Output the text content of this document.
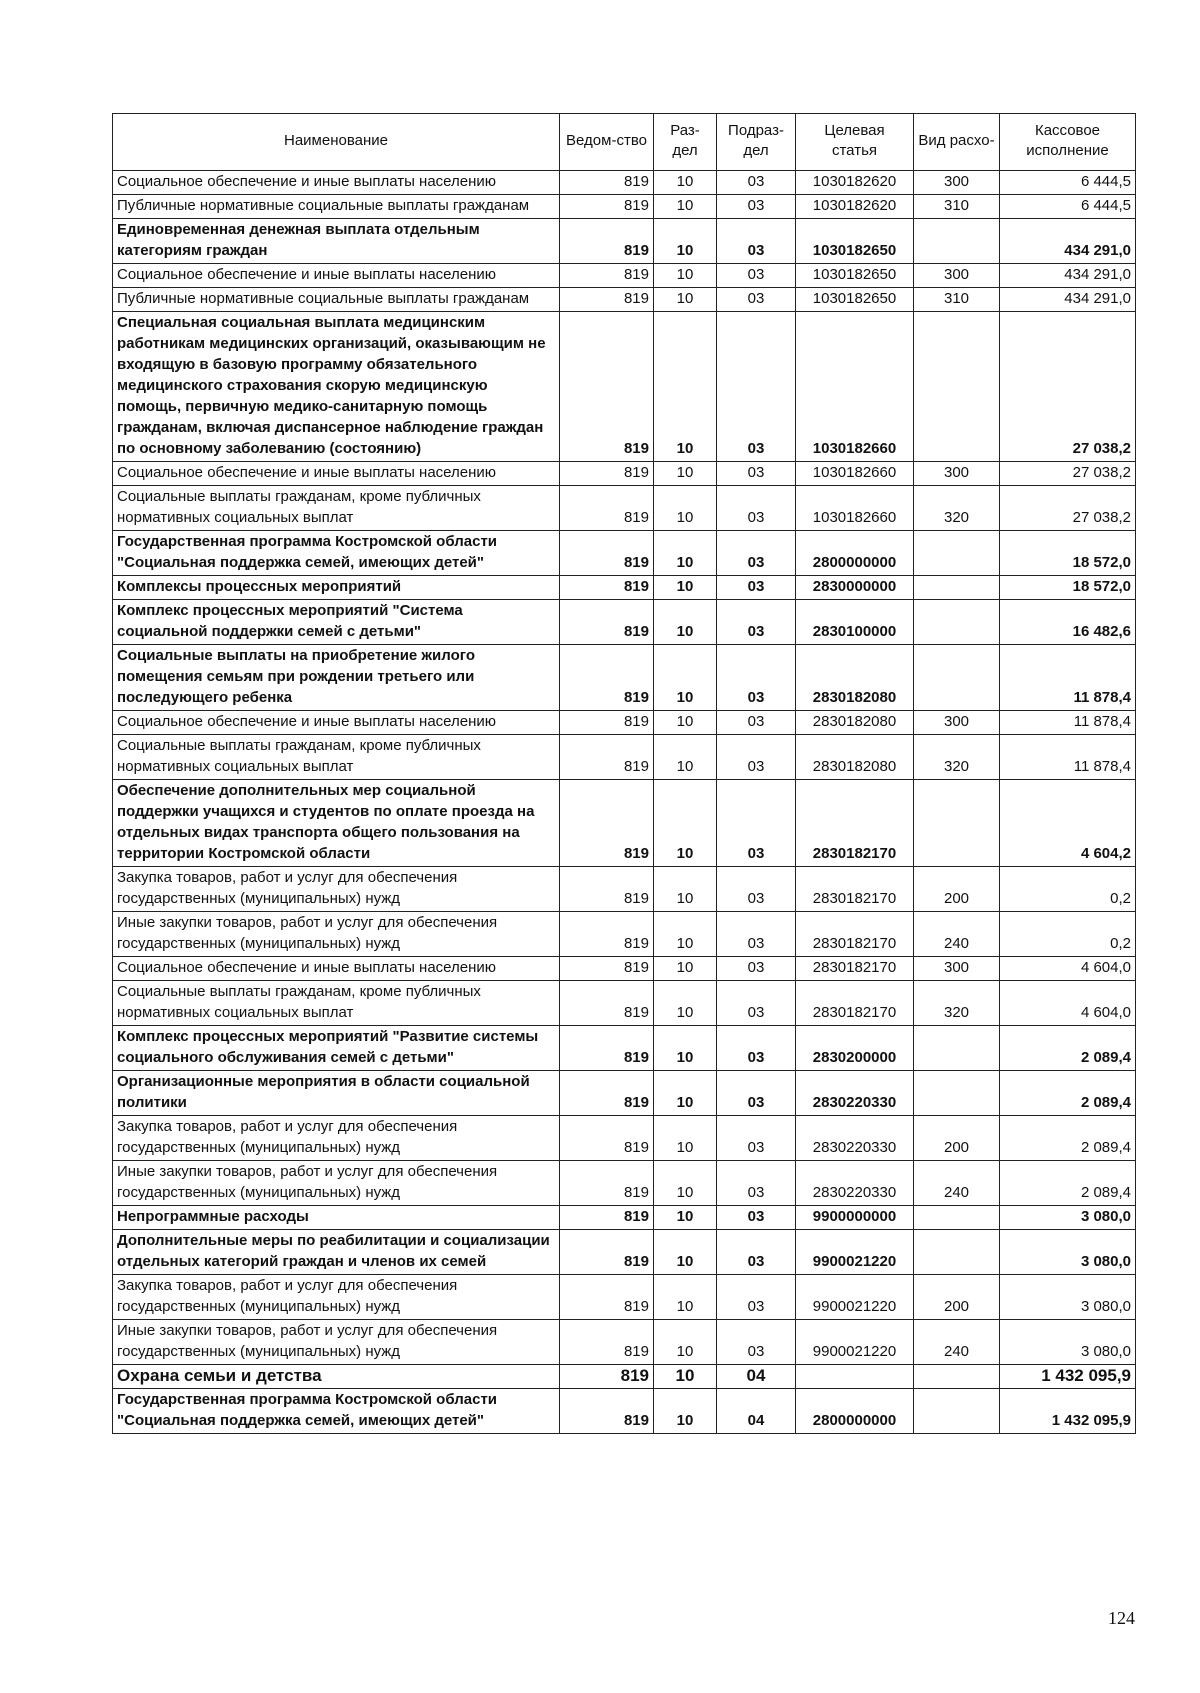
Наименование	Ведом-ство	Раз-дел	Подраз-дел	Целевая статья	Вид расхо-	Кассовое исполнение
Социальное обеспечение и иные выплаты населению	819	10	03	1030182620	300	6 444,5
Публичные нормативные социальные выплаты гражданам	819	10	03	1030182620	310	6 444,5
Единовременная денежная выплата отдельным категориям граждан	819	10	03	1030182650		434 291,0
Социальное обеспечение и иные выплаты населению	819	10	03	1030182650	300	434 291,0
Публичные нормативные социальные выплаты гражданам	819	10	03	1030182650	310	434 291,0
Специальная социальная выплата медицинским работникам медицинских организаций, оказывающим не входящую в базовую программу обязательного медицинского страхования скорую медицинскую помощь, первичную медико-санитарную помощь гражданам, включая диспансерное наблюдение граждан по основному заболеванию (состоянию)	819	10	03	1030182660		27 038,2
Социальное обеспечение и иные выплаты населению	819	10	03	1030182660	300	27 038,2
Социальные выплаты гражданам, кроме публичных нормативных социальных выплат	819	10	03	1030182660	320	27 038,2
Государственная программа Костромской области "Социальная поддержка семей, имеющих детей"	819	10	03	2800000000		18 572,0
Комплексы процессных мероприятий	819	10	03	2830000000		18 572,0
Комплекс процессных мероприятий "Система социальной поддержки семей с детьми"	819	10	03	2830100000		16 482,6
Социальные выплаты на приобретение жилого помещения семьям при рождении третьего или последующего ребенка	819	10	03	2830182080		11 878,4
Социальное обеспечение и иные выплаты населению	819	10	03	2830182080	300	11 878,4
Социальные выплаты гражданам, кроме публичных нормативных социальных выплат	819	10	03	2830182080	320	11 878,4
Обеспечение дополнительных мер социальной поддержки учащихся и студентов по оплате проезда на отдельных видах транспорта общего пользования на территории Костромской области	819	10	03	2830182170		4 604,2
Закупка товаров, работ и услуг для обеспечения государственных (муниципальных) нужд	819	10	03	2830182170	200	0,2
Иные закупки товаров, работ и услуг для обеспечения государственных (муниципальных) нужд	819	10	03	2830182170	240	0,2
Социальное обеспечение и иные выплаты населению	819	10	03	2830182170	300	4 604,0
Социальные выплаты гражданам, кроме публичных нормативных социальных выплат	819	10	03	2830182170	320	4 604,0
Комплекс процессных мероприятий "Развитие системы социального обслуживания семей с детьми"	819	10	03	2830200000		2 089,4
Организационные мероприятия в области социальной политики	819	10	03	2830220330		2 089,4
Закупка товаров, работ и услуг для обеспечения государственных (муниципальных) нужд	819	10	03	2830220330	200	2 089,4
Иные закупки товаров, работ и услуг для обеспечения государственных (муниципальных) нужд	819	10	03	2830220330	240	2 089,4
Непрограммные расходы	819	10	03	9900000000		3 080,0
Дополнительные меры по реабилитации и социализации отдельных категорий граждан и членов их семей	819	10	03	9900021220		3 080,0
Закупка товаров, работ и услуг для обеспечения государственных (муниципальных) нужд	819	10	03	9900021220	200	3 080,0
Иные закупки товаров, работ и услуг для обеспечения государственных (муниципальных) нужд	819	10	03	9900021220	240	3 080,0
Охрана семьи и детства	819	10	04			1 432 095,9
Государственная программа Костромской области "Социальная поддержка семей, имеющих детей"	819	10	04	2800000000		1 432 095,9
124
